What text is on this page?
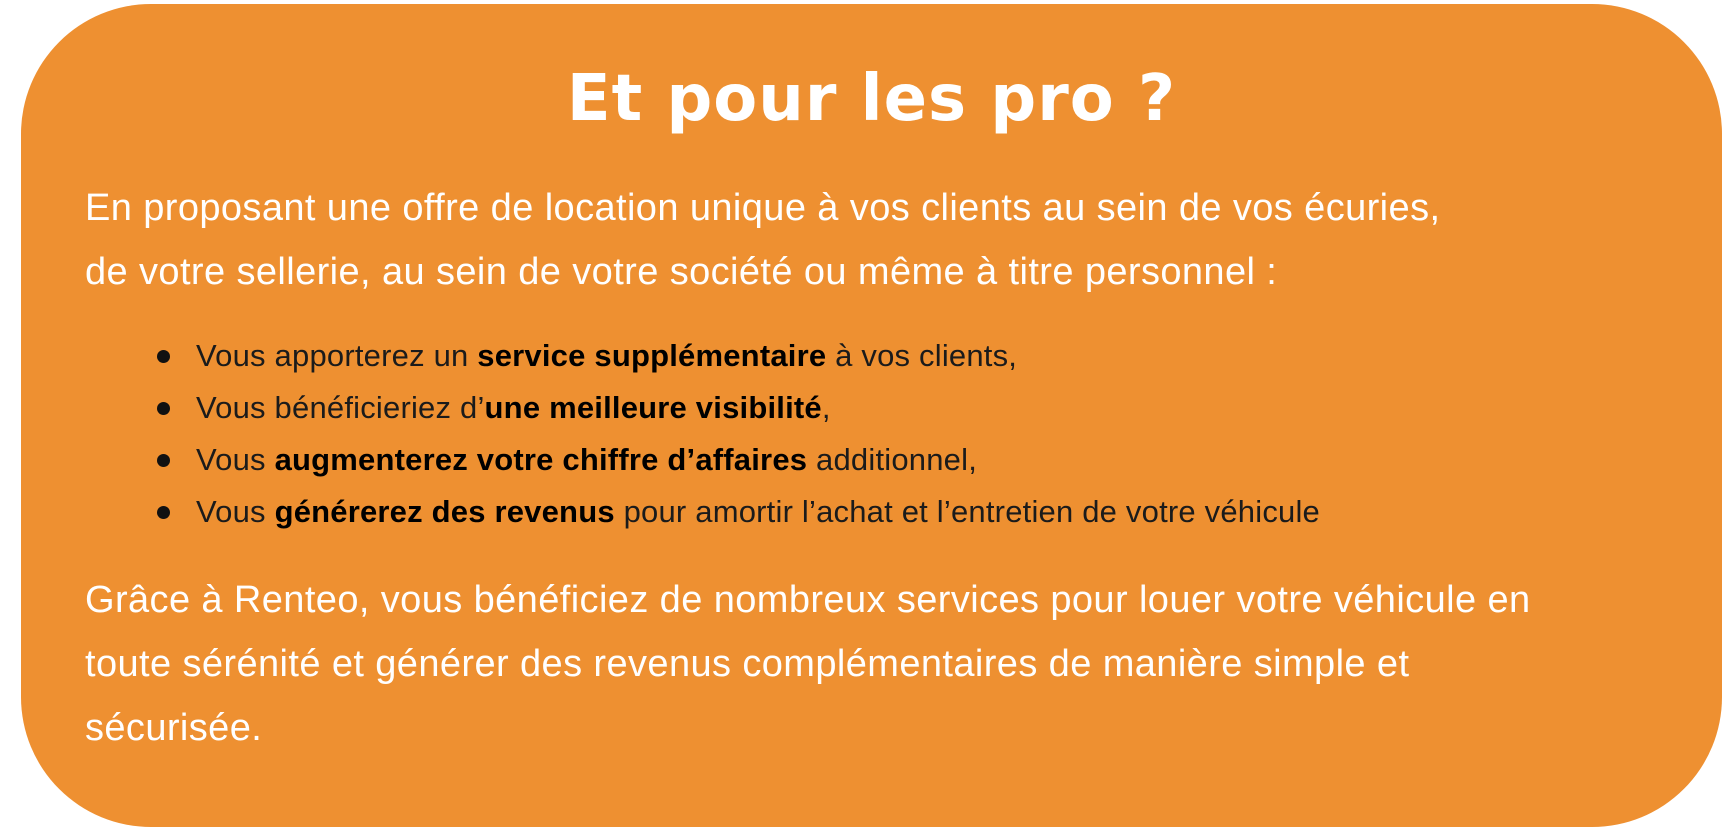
Et pour les pro ?

En proposant une offre de location unique à vos clients au sein de vos écuries,
de votre sellerie, au sein de votre société ou même à titre personnel :

Vous apporterez un service supplémentaire à vos clients,
Vous bénéficieriez d’une meilleure visibilité,
Vous augmenterez votre chiffre d’affaires additionnel,
Vous générerez des revenus pour amortir l’achat et l’entretien de votre véhicule

Grâce à Renteo, vous bénéficiez de nombreux services pour louer votre véhicule en
toute sérénité et générer des revenus complémentaires de manière simple et
sécurisée.
